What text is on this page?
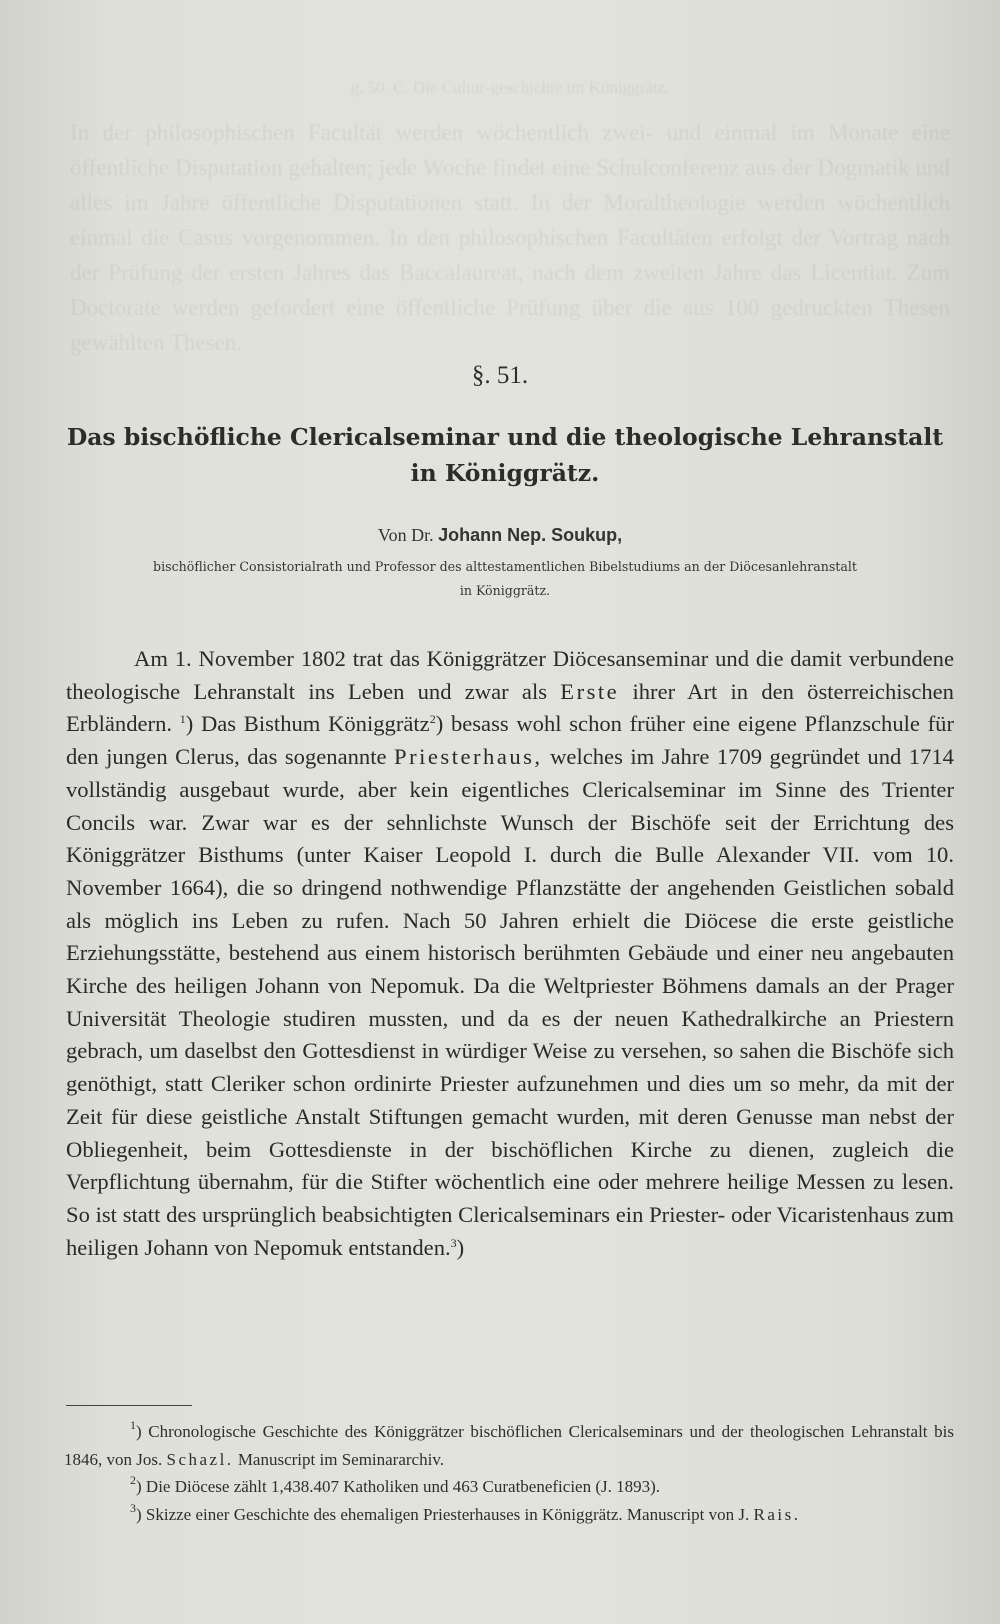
g. 50. C. Die Cultur-geschichte im Königgrätz.
In der philosophischen Facultät werden wöchentlich zwei- und einmal im Monate eine öffentliche Disputation gehalten; jede Woche findet eine Schulconferenz aus der Dogmatik und alles im Jahre öffentliche Disputationen statt. In der Moraltheologie werden wöchentlich einmal die Casus vorgenommen. In den philosophischen Facultäten erfolgt der Vortrag nach der Prüfung der ersten Jahres das Baccalaureat, nach dem zweiten Jahre das Licentiat. Zum Doctorate werden gefordert eine öffentliche Prüfung über die aus 100 gedruckten Thesen gewählten Thesen.
§. 51.
Das bischöfliche Clericalseminar und die theologische Lehranstalt in Königgrätz.
Von Dr. Johann Nep. Soukup,
bischöflicher Consistorialrath und Professor des alttestamentlichen Bibelstudiums an der Diöcesanlehranstalt
in Königgrätz.
Am 1. November 1802 trat das Königgrätzer Diöcesanseminar und die damit verbundene theologische Lehranstalt ins Leben und zwar als Erste ihrer Art in den österreichischen Erbländern. $^1$) Das Bisthum Königgrätz$^2$) besass wohl schon früher eine eigene Pflanzschule für den jungen Clerus, das sogenannte Priesterhaus, welches im Jahre 1709 gegründet und 1714 vollständig ausgebaut wurde, aber kein eigentliches Clericalseminar im Sinne des Trienter Concils war. Zwar war es der sehnlichste Wunsch der Bischöfe seit der Errichtung des Königgrätzer Bisthums (unter Kaiser Leopold I. durch die Bulle Alexander VII. vom 10. November 1664), die so dringend nothwendige Pflanzstätte der angehenden Geistlichen sobald als möglich ins Leben zu rufen. Nach 50 Jahren erhielt die Diöcese die erste geistliche Erziehungsstätte, bestehend aus einem historisch berühmten Gebäude und einer neu angebauten Kirche des heiligen Johann von Nepomuk. Da die Weltpriester Böhmens damals an der Prager Universität Theologie studiren mussten, und da es der neuen Kathedralkirche an Priestern gebrach, um daselbst den Gottesdienst in würdiger Weise zu versehen, so sahen die Bischöfe sich genöthigt, statt Cleriker schon ordinirte Priester aufzunehmen und dies um so mehr, da mit der Zeit für diese geistliche Anstalt Stiftungen gemacht wurden, mit deren Genusse man nebst der Obliegenheit, beim Gottesdienste in der bischöflichen Kirche zu dienen, zugleich die Verpflichtung übernahm, für die Stifter wöchentlich eine oder mehrere heilige Messen zu lesen. So ist statt des ursprünglich beabsichtigten Clericalseminars ein Priester- oder Vicaristenhaus zum heiligen Johann von Nepomuk entstanden.$^3$)

$^1$) Chronologische Geschichte des Königgrätzer bischöflichen Clericalseminars und der theologischen Lehranstalt bis 1846, von Jos. Schazl. Manuscript im Seminararchiv.

$^2$) Die Diöcese zählt 1,438.407 Katholiken und 463 Curatbeneficien (J. 1893).

$^3$) Skizze einer Geschichte des ehemaligen Priesterhauses in Königgrätz. Manuscript von J. Rais.
